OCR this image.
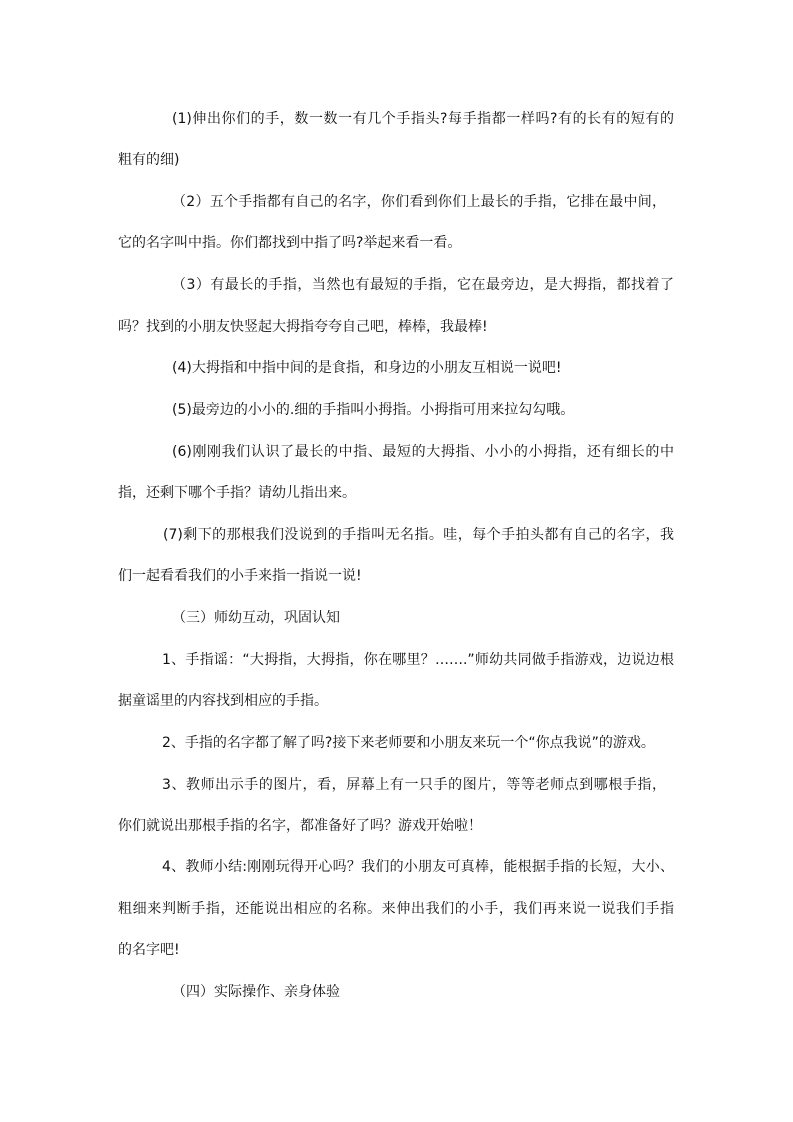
(1)伸出你们的手，数一数一有几个手指头?每手指都一样吗?有的长有的短有的
粗有的细)
（2）五个手指都有自己的名字，你们看到你们上最长的手指，它排在最中间，
它的名字叫中指。你们都找到中指了吗?举起来看一看。
（3）有最长的手指，当然也有最短的手指，它在最旁边，是大拇指，都找着了
吗？找到的小朋友快竖起大拇指夸夸自己吧，棒棒，我最棒!
(4)大拇指和中指中间的是食指，和身边的小朋友互相说一说吧!
(5)最旁边的小小的.细的手指叫小拇指。小拇指可用来拉勾勾哦。
(6)刚刚我们认识了最长的中指、最短的大拇指、小小的小拇指，还有细长的中
指，还剩下哪个手指？请幼儿指出来。
(7)剩下的那根我们没说到的手指叫无名指。哇，每个手拍头都有自己的名字，我
们一起看看我们的小手来指一指说一说!
（三）师幼互动，巩固认知
1、手指谣：“大拇指，大拇指，你在哪里？…….”师幼共同做手指游戏，边说边根
据童谣里的内容找到相应的手指。
2、手指的名字都了解了吗?接下来老师要和小朋友来玩一个“你点我说”的游戏。
3、教师出示手的图片，看，屏幕上有一只手的图片，等等老师点到哪根手指，
你们就说出那根手指的名字，都准备好了吗？游戏开始啦！
4、教师小结:刚刚玩得开心吗？我们的小朋友可真棒，能根据手指的长短，大小、
粗细来判断手指，还能说出相应的名称。来伸出我们的小手，我们再来说一说我们手指
的名字吧!
（四）实际操作、亲身体验
